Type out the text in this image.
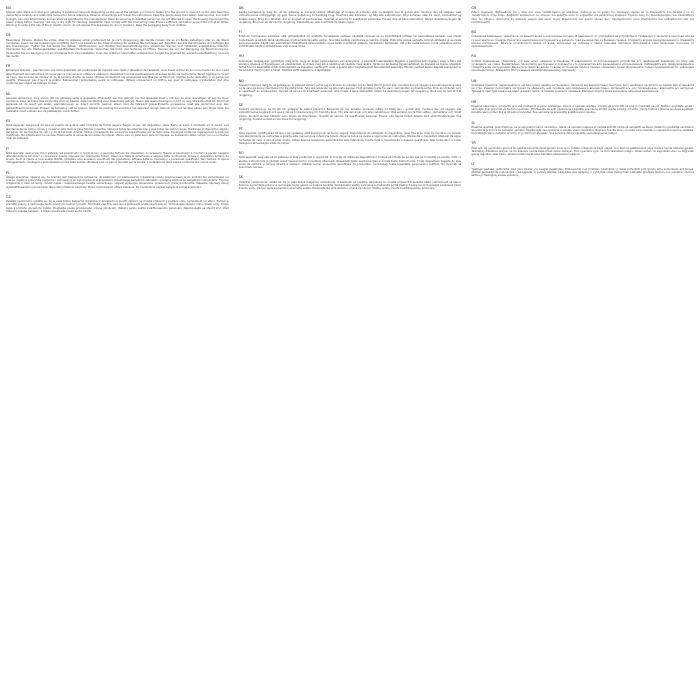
EN

Special note: Make sure that your gateway is positioned securely. Depending on the use of the gadget, you have to fasten it to the ground or mount it on the wall. Read the instructions carefully and retain this manual for future reference. Observe all warnings and follow the instructions. Keep the device away from water, heat sources, and direct sunlight. Use only attachments and accessories specified by the manufacturer. Refer all servicing to qualified personnel. Do not attempt to open the housing. Disconnect the power supply before cleaning. Use only a dry cloth for cleaning. Installation must comply with the local wiring rules. Ensure sufficient ventilation around the unit at all times. Warning: to reduce the risk of fire or electric shock, do not expose this apparatus to rain or moisture. Keep the packaging away from children.

DE

Besonderer Hinweis: Stellen Sie sicher, dass Ihr Gateway sicher positioniert ist. Je nach Verwendung des Geräts müssen Sie es am Boden befestigen oder an der Wand montieren. Lesen Sie die Anweisungen sorgfältig durch und bewahren Sie diese Anleitung für späteres Nachschlagen auf. Beachten Sie alle Warnhinweise und befolgen Sie alle Anweisungen. Halten Sie das Gerät von Wasser, Wärmequellen und direkter Sonneneinstrahlung fern. Verwenden Sie nur vom Hersteller angegebenes Zubehör. Überlassen Sie alle Wartungsarbeiten qualifiziertem Fachpersonal. Versuchen Sie nicht, das Gehäuse zu öffnen. Trennen Sie vor der Reinigung die Stromversorgung. Verwenden Sie zur Reinigung nur ein trockenes Tuch. Die Installation muss den örtlichen Vorschriften entsprechen. Sorgen Sie jederzeit für ausreichende Belüftung rund um das Gerät.

FR

Remarque spéciale : assurez-vous que votre passerelle est positionnée de manière sûre. Selon l'utilisation de l'appareil, vous devez le fixer au sol ou le monter au mur. Lisez attentivement les instructions et conservez ce manuel pour référence ultérieure. Respectez tous les avertissements et suivez toutes les instructions. Tenez l'appareil à l'écart de l'eau, des sources de chaleur et de la lumière directe du soleil. Utilisez uniquement les accessoires spécifiés par le fabricant. Confiez toute réparation à un personnel qualifié. N'essayez pas d'ouvrir le boîtier. Débranchez l'alimentation avant le nettoyage. Utilisez uniquement un chiffon sec pour le nettoyage. L'installation doit être conforme aux règles de câblage locales.

NL

Speciale opmerking: zorg ervoor dat uw gateway veilig is geplaatst. Afhankelijk van het gebruik van het apparaat moet u het aan de vloer bevestigen of aan de muur monteren. Lees de instructies zorgvuldig door en bewaar deze handleiding voor toekomstig gebruik. Neem alle waarschuwingen in acht en volg alle instructies op. Houd het apparaat uit de buurt van water, warmtebronnen en direct zonlicht. Gebruik alleen door de fabrikant gespecificeerde accessoires. Laat alle onderhoud over aan gekwalificeerd personeel. Probeer de behuizing niet te openen. Koppel de voeding los voordat u het apparaat reinigt. Gebruik voor het reinigen alleen een droge doek. De installatie moet voldoen aan de plaatselijke voorschriften.

ES

Nota especial: asegúrese de que su puerta de enlace esté colocada de forma segura. Según el uso del dispositivo, debe fijarlo al suelo o montarlo en la pared. Lea atentamente las instrucciones y conserve este manual para futuras consultas. Observe todas las advertencias y siga todas las instrucciones. Mantenga el dispositivo alejado del agua, de las fuentes de calor y de la luz solar directa. Utilice únicamente los accesorios especificados por el fabricante. Encargue todas las reparaciones a personal cualificado. No intente abrir la carcasa. Desconecte la alimentación antes de limpiar. Utilice solo un paño seco para la limpieza. La instalación debe cumplir con la normativa local de cableado.

IT

Nota speciale: assicurarsi che il gateway sia posizionato in modo sicuro. A seconda dell'uso del dispositivo, è necessario fissarlo al pavimento o montarlo a parete. Leggere attentamente le istruzioni e conservare questo manuale per riferimento futuro. Osservare tutte le avvertenze e seguire tutte le istruzioni. Tenere il dispositivo lontano da acqua, fonti di calore e luce solare diretta. Utilizzare solo accessori specificati dal produttore. Affidare tutte le riparazioni a personale qualificato. Non tentare di aprire l'alloggiamento. Scollegare l'alimentazione prima della pulizia. Utilizzare solo un panno asciutto per la pulizia. L'installazione deve essere conforme alle norme locali.

PL

Uwaga specjalna: upewnij się, że bramka jest bezpiecznie ustawiona. W zależności od zastosowania urządzenia należy przymocować je do podłoża lub zamontować na ścianie. Uważnie przeczytaj instrukcję i zachowaj ją do wykorzystania w przyszłości. Przestrzegaj wszystkich ostrzeżeń i postępuj zgodnie ze wszystkimi instrukcjami. Trzymaj urządzenie z dala od wody, źródeł ciepła i bezpośredniego światła słonecznego. Używaj wyłącznie akcesoriów określonych przez producenta. Wszelkie naprawy zlecaj wykwalifikowanemu personelowi. Nie próbuj otwierać obudowy. Przed czyszczeniem odłącz zasilanie. Do czyszczenia używaj wyłącznie suchej ściereczki.

CZ

Zvláštní upozornění: ujistěte se, že je vaše brána bezpečně umístěna. V závislosti na použití zařízení jej musíte připevnit k podlaze nebo namontovat na stěnu. Pečlivě si přečtěte pokyny a uschovejte tento návod pro budoucí použití. Dodržujte všechna varování a postupujte podle všech pokynů. Uchovávejte zařízení mimo dosah vody, zdrojů tepla a přímého slunečního světla. Používejte pouze příslušenství určené výrobcem. Veškerý servis svěřte kvalifikovanému personálu. Nepokoušejte se otevřít kryt. Před čištěním odpojte napájení. K čištění používejte pouze suchý hadřík.

DK

Særlig bemærkning: Sørg for, at din gateway er placeret sikkert. Afhængigt af brugen af enheden skal du fastgøre den til gulvet eller montere den på væggen. Læs instruktionerne omhyggeligt, og gem denne vejledning til fremtidig brug. Overhold alle advarsler, og følg alle instruktioner. Hold enheden væk fra vand, varmekilder og direkte sollys. Brug kun tilbehør, der er angivet af producenten. Overlad al service til kvalificeret personale. Forsøg ikke at åbne kabinettet. Afbryd strømforsyningen før rengøring. Brug kun en tør klud til rengøring. Installationen skal overholde de lokale regler.

FI

Erityinen huomautus: varmista, että yhdyskäytävä on sijoitettu turvallisesti. Laitteen käytöstä riippuen se on kiinnitettävä lattiaan tai asennettava seinään. Lue ohjeet huolellisesti ja säilytä tämä käyttöopas myöhempää tarvetta varten. Noudata kaikkia varoituksia ja kaikkia ohjeita. Pidä laite poissa vedestä, lämmönlähteistä ja suorasta auringonvalosta. Käytä vain valmistajan määrittämiä lisävarusteita. Anna kaikki huoltotyöt pätevän henkilöstön tehtäväksi. Älä yritä avata koteloa. Irrota virtalähde ennen puhdistusta. Käytä puhdistukseen vain kuivaa liinaa.

HU

Különleges megjegyzés: győződjön meg arról, hogy az átjáró biztonságosan van elhelyezve. A készülék használatától függően a padlóhoz kell rögzíteni vagy a falra kell szerelni. Olvassa el figyelmesen az utasításokat, és őrizze meg ezt a kézikönyvet későbbi használatra. Tartsa be az összes figyelmeztetést, és kövesse az összes utasítást. Tartsa távol a készüléket víztől, hőforrásoktól és közvetlen napfénytől. Csak a gyártó által meghatározott tartozékokat használja. Minden javítást bízzon képzett szakemberre. Ne próbálja meg kinyitni a házat. Tisztítás előtt válassza le a tápellátást.

NO

Spesiell merknad: Sørg for at gatewayen er plassert sikkert. Avhengig av bruken av enheten må du feste den til gulvet eller montere den på veggen. Les instruksjonene nøye og ta vare på denne håndboken for fremtidig bruk. Følg alle advarsler og alle instruksjoner. Hold enheten borte fra vann, varmekilder og direkte sollys. Bruk kun tilbehør som er spesifisert av produsenten. Overlat all service til kvalifisert personell. Ikke forsøk å åpne kabinettet. Koble fra strømforsyningen før rengjøring. Bruk kun en tørr klut til rengjøring.

SE

Särskild anmärkning: Se till att din gateway är säkert placerad. Beroende på hur enheten används måste du fästa den i golvet eller montera den på väggen. Läs instruktionerna noggrant och spara denna bruksanvisning för framtida bruk. Följ alla varningar och alla instruktioner. Håll enheten borta från vatten, värmekällor och direkt solljus. Använd endast tillbehör som anges av tillverkaren. Överlåt all service till kvalificerad personal. Försök inte öppna höljet. Koppla bort strömförsörjningen före rengöring. Använd endast en torr trasa för rengöring.

PT

Nota especial: certifique-se de que o seu gateway está posicionado de forma segura. Dependendo da utilização do dispositivo, deve fixá-lo ao chão ou montá-lo na parede. Leia atentamente as instruções e guarde este manual para referência futura. Observe todos os avisos e siga todas as instruções. Mantenha o dispositivo afastado da água, de fontes de calor e da luz solar direta. Utilize apenas acessórios especificados pelo fabricante. Confie toda a manutenção a pessoal qualificado. Não tente abrir a caixa. Desligue a alimentação antes de limpar.

RO

Notă specială: asigurați-vă că gateway-ul este poziționat în siguranță. În funcție de utilizarea dispozitivului, trebuie să îl fixați pe podea sau să îl montați pe perete. Citiți cu atenție instrucțiunile și păstrați acest manual pentru consultare ulterioară. Respectați toate avertismentele și urmați toate instrucțiunile. Țineți dispozitivul departe de apă, surse de căldură și lumina directă a soarelui. Utilizați numai accesoriile specificate de producător. Încredințați toate reparațiile personalului calificat. Nu încercați să deschideți carcasa.

SK

Osobitné upozornenie: uistite sa, že je vaša brána bezpečne umiestnená. V závislosti od použitia zariadenia ho musíte pripevniť k podlahe alebo namontovať na stenu. Pozorne si prečítajte pokyny a uschovajte tento návod na budúce použitie. Dodržiavajte všetky varovania a postupujte podľa všetkých pokynov. Uchovávajte zariadenie mimo dosahu vody, zdrojov tepla a priameho slnečného svetla. Používajte iba príslušenstvo určené výrobcom. Všetky opravy zverte kvalifikovanému personálu.

GR

Ειδική σημείωση: Βεβαιωθείτε ότι η πύλη σας είναι τοποθετημένη με ασφάλεια. Ανάλογα με τη χρήση της συσκευής, πρέπει να τη στερεώσετε στο δάπεδο ή να τη τοποθετήσετε στον τοίχο. Διαβάστε προσεκτικά τις οδηγίες και φυλάξτε αυτό το εγχειρίδιο για μελλοντική αναφορά. Τηρείτε όλες τις προειδοποιήσεις και ακολουθείτε όλες τις οδηγίες. Κρατήστε τη συσκευή μακριά από νερό, πηγές θερμότητας και άμεσο ηλιακό φως. Χρησιμοποιείτε μόνο εξαρτήματα που καθορίζονται από τον κατασκευαστή.

BG

Специална забележка: уверете се, че вашият шлюз е разположен сигурно. В зависимост от употребата на устройството трябва да го закрепите към пода или да го монтирате на стената. Прочетете внимателно инструкциите и запазете това ръководство за бъдеща справка. Спазвайте всички предупреждения и следвайте всички инструкции. Дръжте устройството далеч от вода, източници на топлина и пряка слънчева светлина. Използвайте само аксесоари, посочени от производителя.

RU

Особое примечание: убедитесь, что ваш шлюз надежно установлен. В зависимости от использования устройства его необходимо закрепить на полу или установить на стене. Внимательно прочитайте инструкции и сохраните это руководство для дальнейшего использования. Соблюдайте все предупреждения и следуйте всем инструкциям. Держите устройство вдали от воды, источников тепла и прямых солнечных лучей. Используйте только принадлежности, указанные производителем. Доверяйте обслуживание квалифицированному персоналу.

UA

Особлива примітка: переконайтеся, що ваш шлюз надійно встановлено. Залежно від використання пристрою його необхідно закріпити на підлозі або встановити на стіні. Уважно прочитайте інструкції та збережіть цей посібник для подальшого використання. Дотримуйтесь усіх попереджень і виконуйте всі інструкції. Тримайте пристрій подалі від води, джерел тепла та прямих сонячних променів. Використовуйте лише аксесуари, зазначені виробником.

HR

Posebna napomena: provjerite je li vaš pristupnik sigurno postavljen. Ovisno o uporabi uređaja, morate ga pričvrstiti za pod ili montirati na zid. Pažljivo pročitajte upute i sačuvajte ovaj priručnik za buduću upotrebu. Pridržavajte se svih upozorenja i slijedite sve upute. Držite uređaj podalje od vode, izvora topline i izravne sunčeve svjetlosti. Koristite samo pribor koji je odredio proizvođač. Sve servisiranje prepustite kvalificiranom osoblju.

SI

Posebna opomba: prepričajte se, da je vaš prehod varno nameščen. Glede na uporabo naprave jo morate pritrditi na tla ali namestiti na steno. Natančno preberite navodila in shranite ta priročnik za poznejšo uporabo. Upoštevajte vsa opozorila in sledite vsem navodilom. Napravo hranite stran od vode, virov toplote in neposredne sončne svetlobe. Uporabljajte samo dodatno opremo, ki jo določi proizvajalec. Vsa servisna dela prepustite usposobljenemu osebju.

TR

Özel not: Ağ geçidinizin güvenli bir şekilde konumlandırıldığından emin olun. Cihazın kullanımına bağlı olarak, onu zemine sabitlemeniz veya duvara monte etmeniz gerekir. Talimatları dikkatlice okuyun ve bu kılavuzu ileride başvurmak üzere saklayın. Tüm uyarılara uyun ve tüm talimatları izleyin. Cihazı sudan, ısı kaynaklarından ve doğrudan güneş ışığından uzak tutun. Yalnızca üretici tarafından belirtilen aksesuarları kullanın.

LT

Ypatinga pastaba: įsitikinkite, kad jūsų šliuzas yra saugiai pastatytas. Priklausomai nuo prietaiso naudojimo, jį reikia pritvirtinti prie grindų arba sumontuoti ant sienos. Atidžiai perskaitykite instrukcijas ir išsaugokite šį vadovą ateičiai. Laikykitės visų įspėjimų ir vykdykite visas instrukcijas. Laikykite prietaisą atokiau nuo vandens, šilumos šaltinių ir tiesioginių saulės spindulių.
